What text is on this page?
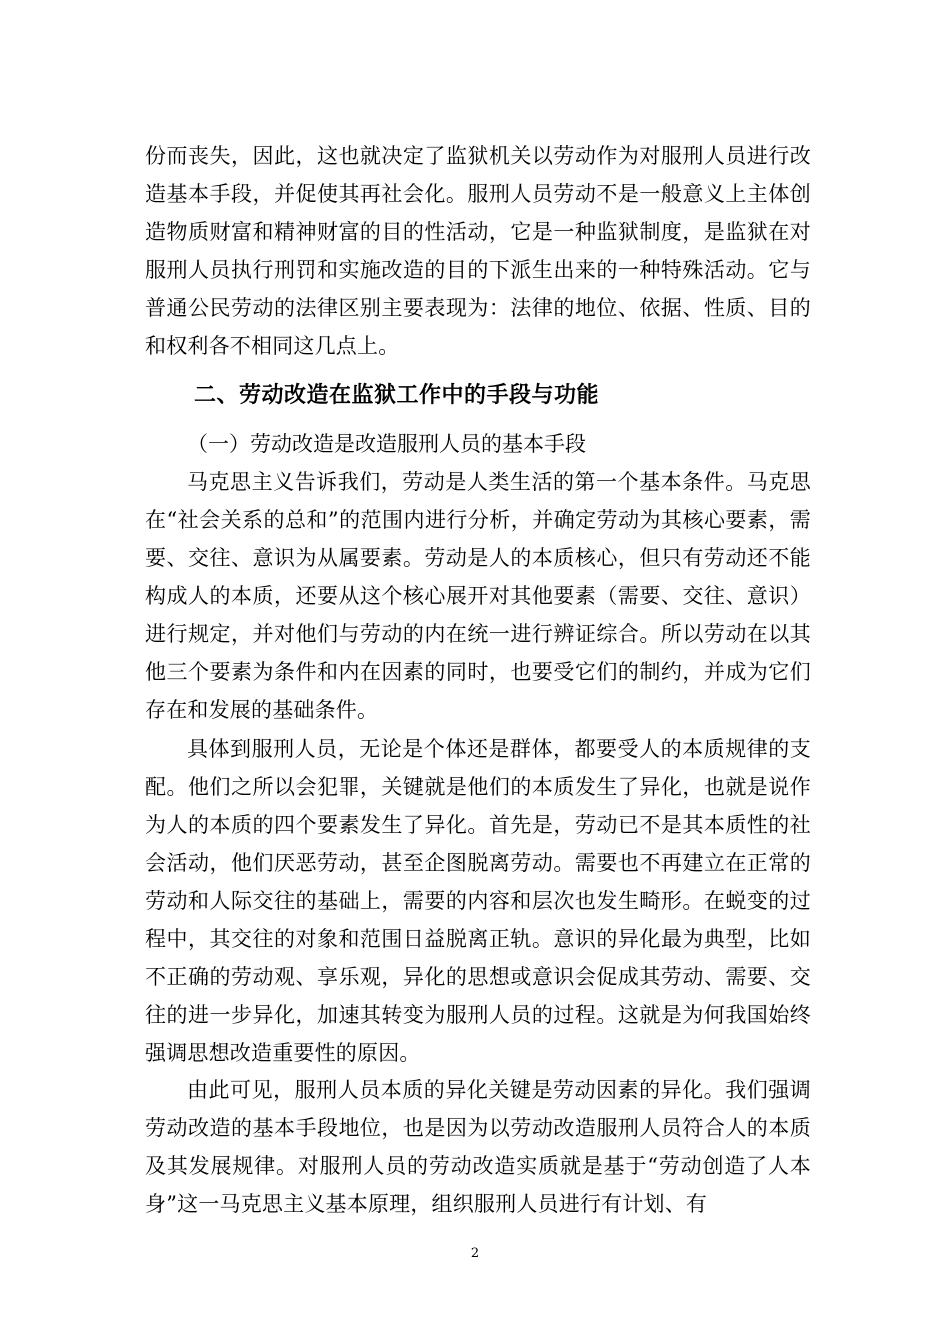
份而丧失，因此，这也就决定了监狱机关以劳动作为对服刑人员进行改造基本手段，并促使其再社会化。服刑人员劳动不是一般意义上主体创造物质财富和精神财富的目的性活动，它是一种监狱制度，是监狱在对服刑人员执行刑罚和实施改造的目的下派生出来的一种特殊活动。它与普通公民劳动的法律区别主要表现为：法律的地位、依据、性质、目的和权利各不相同这几点上。

二、劳动改造在监狱工作中的手段与功能

（一）劳动改造是改造服刑人员的基本手段

马克思主义告诉我们，劳动是人类生活的第一个基本条件。马克思在“社会关系的总和”的范围内进行分析，并确定劳动为其核心要素，需要、交往、意识为从属要素。劳动是人的本质核心，但只有劳动还不能构成人的本质，还要从这个核心展开对其他要素（需要、交往、意识）进行规定，并对他们与劳动的内在统一进行辨证综合。所以劳动在以其他三个要素为条件和内在因素的同时，也要受它们的制约，并成为它们存在和发展的基础条件。

具体到服刑人员，无论是个体还是群体，都要受人的本质规律的支配。他们之所以会犯罪，关键就是他们的本质发生了异化，也就是说作为人的本质的四个要素发生了异化。首先是，劳动已不是其本质性的社会活动，他们厌恶劳动，甚至企图脱离劳动。需要也不再建立在正常的劳动和人际交往的基础上，需要的内容和层次也发生畸形。在蜕变的过程中，其交往的对象和范围日益脱离正轨。意识的异化最为典型，比如不正确的劳动观、享乐观，异化的思想或意识会促成其劳动、需要、交往的进一步异化，加速其转变为服刑人员的过程。这就是为何我国始终强调思想改造重要性的原因。

由此可见，服刑人员本质的异化关键是劳动因素的异化。我们强调劳动改造的基本手段地位，也是因为以劳动改造服刑人员符合人的本质及其发展规律。对服刑人员的劳动改造实质就是基于“劳动创造了人本身”这一马克思主义基本原理，组织服刑人员进行有计划、有

2
